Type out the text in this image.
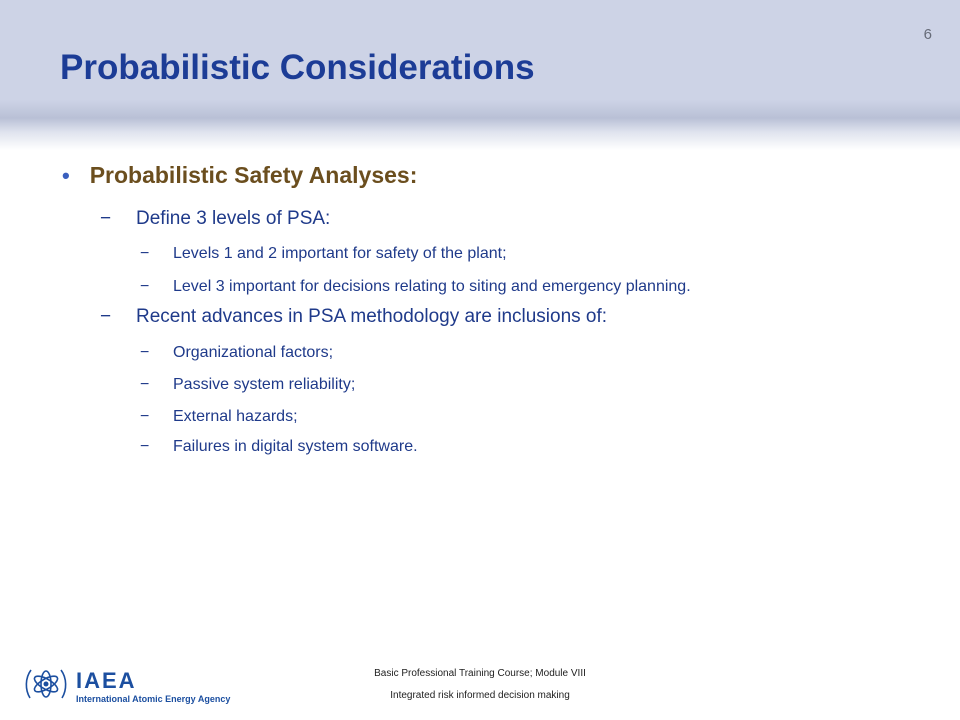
Probabilistic Considerations
6
• Probabilistic Safety Analyses:
− Define 3 levels of PSA:
− Levels 1 and 2 important for safety of the plant;
− Level 3 important for decisions relating to siting and emergency planning.
− Recent advances in PSA methodology are inclusions of:
− Organizational factors;
− Passive system reliability;
− External hazards;
− Failures in digital system software.
IAEA
International Atomic Energy Agency
Basic Professional Training Course; Module VIII
Integrated risk informed decision making
